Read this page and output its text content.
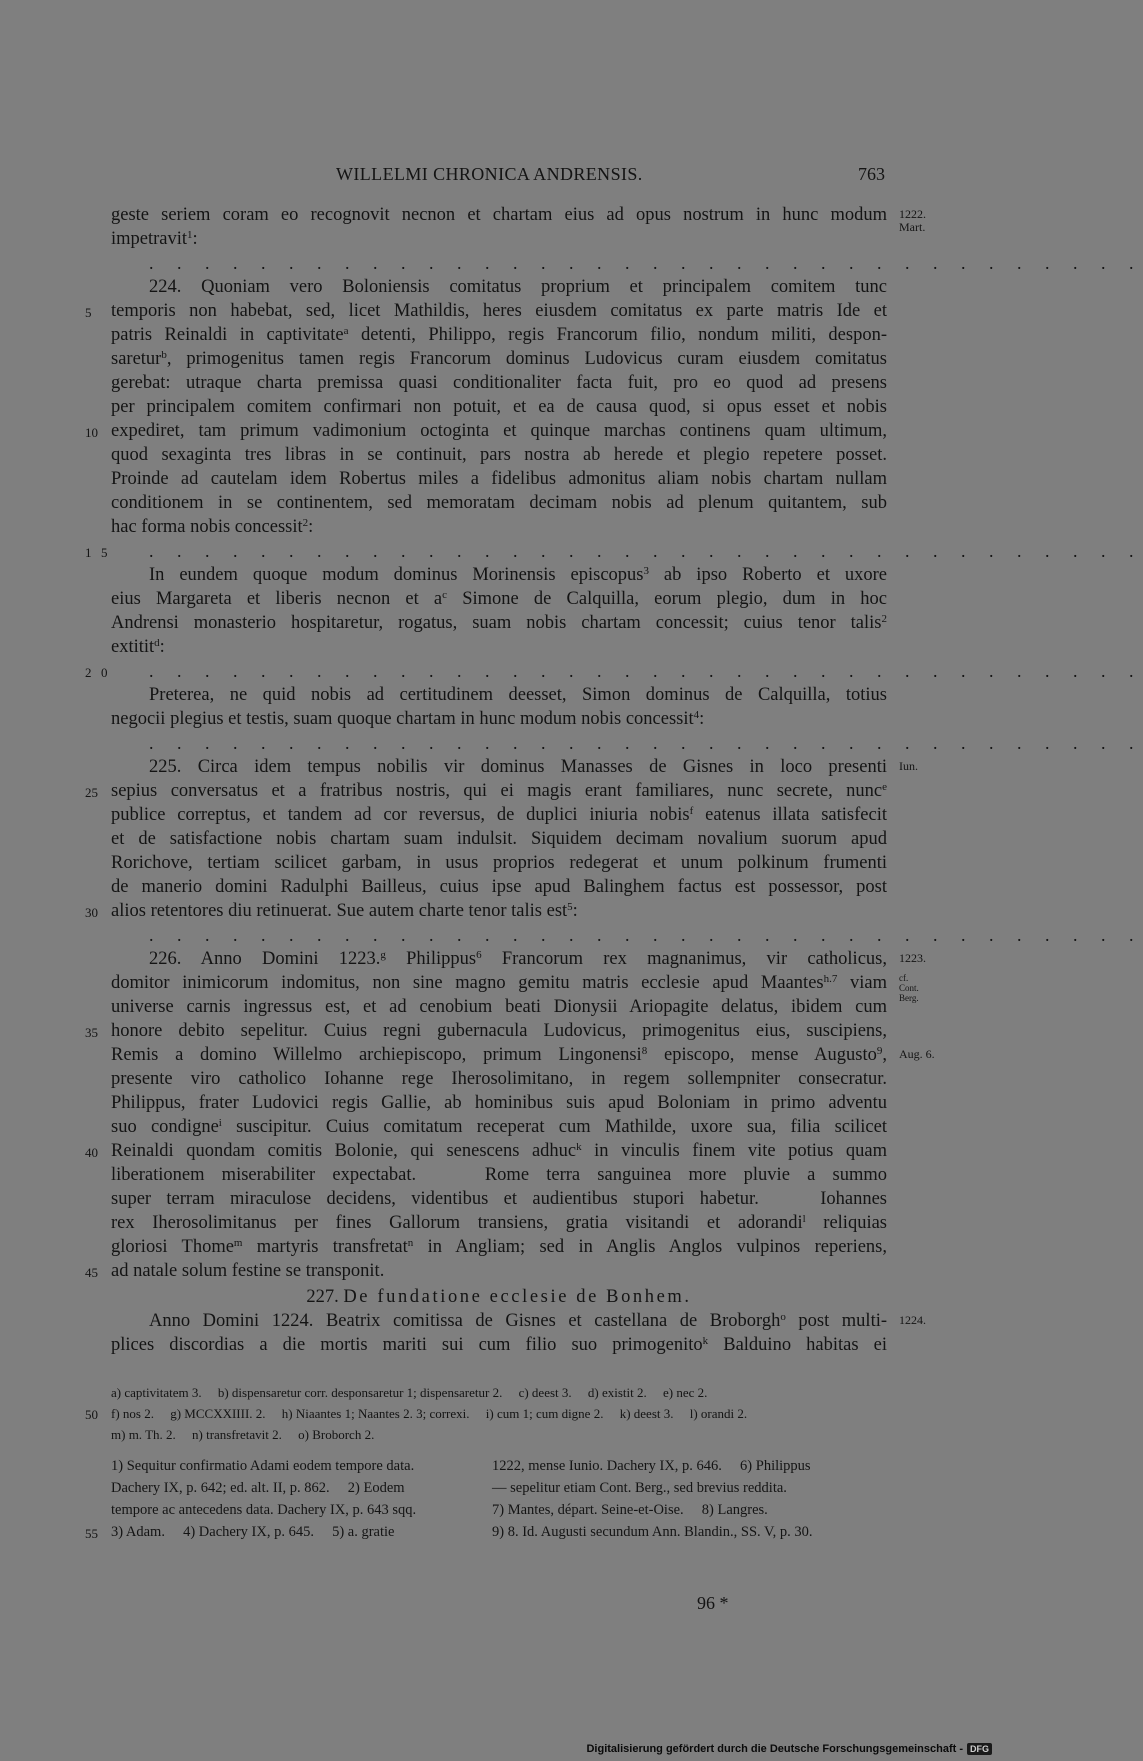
WILLELMI CHRONICA ANDRENSIS.	763
geste seriem coram eo recognovit necnon et chartam eius ad opus nostrum in hunc modum 1222.
impetravit$^1$:
Mart.
. . . . . . . . . . . . . . . . . . . . . . . . . . . . . . . . . . . .
224. Quoniam vero Boloniensis comitatus proprium et principalem comitem tunc
5 temporis non habebat, sed, licet Mathildis, heres eiusdem comitatus ex parte matris Ide et
patris Reinaldi in captivitate$^a$ detenti, Philippo, regis Francorum filio, nondum militi, despon-
saretur$^b$, primogenitus tamen regis Francorum dominus Ludovicus curam eiusdem comitatus
gerebat: utraque charta premissa quasi conditionaliter facta fuit, pro eo quod ad presens
per principalem comitem confirmari non potuit, et ea de causa quod, si opus esset et nobis
10 expediret, tam primum vadimonium octoginta et quinque marchas continens quam ultimum,
quod sexaginta tres libras in se continuit, pars nostra ab herede et plegio repetere posset.
Proinde ad cautelam idem Robertus miles a fidelibus admonitus aliam nobis chartam nullam
conditionem in se continentem, sed memoratam decimam nobis ad plenum quitantem, sub
hac forma nobis concessit$^2$:
15 . . . . . . . . . . . . . . . . . . . . . . . . . . . . . . . . . . . .
In eundem quoque modum dominus Morinensis episcopus$^3$ ab ipso Roberto et uxore
eius Margareta et liberis necnon et $a^c$ Simone de Calquilla, eorum plegio, dum in hoc
Andrensi monasterio hospitaretur, rogatus, suam nobis chartam concessit; cuius tenor talis$^2$
extitit$^d$:
20 . . . . . . . . . . . . . . . . . . . . . . . . . . . . . . . . . . . .
Preterea, ne quid nobis ad certitudinem deesset, Simon dominus de Calquilla, totius
negocii plegius et testis, suam quoque chartam in hunc modum nobis concessit$^4$:
. . . . . . . . . . . . . . . . . . . . . . . . . . . . . . . . . . . .
225. Circa idem tempus nobilis vir dominus Manasses de Gisnes in loco presenti Iun.
25 sepius conversatus et a fratribus nostris, qui ei magis erant familiares, nunc secrete, nunc$^e$
publice correptus, et tandem ad cor reversus, de duplici iniuria nobis$^f$ eatenus illata satisfecit
et de satisfactione nobis chartam suam indulsit. Siquidem decimam novalium suorum apud
Rorichove, tertiam scilicet garbam, in usus proprios redegerat et unum polkinum frumenti
de manerio domini Radulphi Bailleus, cuius ipse apud Balinghem factus est possessor, post
30 alios retentores diu retinuerat. Sue autem charte tenor talis est$^5$:
. . . . . . . . . . . . . . . . . . . . . . . . . . . . . . . . . . . .
226. Anno Domini 1223.$^g$ Philippus$^6$ Francorum rex magnanimus, vir catholicus, 1223.
domitor inimicorum indomitus, non sine magno gemitu matris ecclesie apud Maantes$^{h.7}$ viam cf. Cont. Berg.
universe carnis ingressus est, et ad cenobium beati Dionysii Ariopagite delatus, ibidem cum
35 honore debito sepelitur. Cuius regni gubernacula Ludovicus, primogenitus eius, suscipiens,
Remis a domino Willelmo archiepiscopo, primum Lingonensi$^8$ episcopo, mense Augusto$^9$, Aug. 6.
presente viro catholico Iohanne rege Iherosolimitano, in regem sollempniter consecratur.
Philippus, frater Ludovici regis Gallie, ab hominibus suis apud Boloniam in primo adventu
suo condigne$^i$ suscipitur. Cuius comitatum receperat cum Mathilde, uxore sua, filia scilicet
40 Reinaldi quondam comitis Bolonie, qui senescens adhuc$^k$ in vinculis finem vite potius quam
liberationem miserabiliter expectabat.    Rome terra sanguinea more pluvie a summo
super terram miraculose decidens, videntibus et audientibus stupori habetur.    Iohannes
rex Iherosolimitanus per fines Gallorum transiens, gratia visitandi et adorandi$^l$ reliquias
gloriosi Thome$^m$ martyris transfretat$^n$ in Angliam; sed in Anglis Anglos vulpinos reperiens,
45 ad natale solum festine se transponit.
227. De fundatione ecclesie de Bonhem.
Anno Domini 1224. Beatrix comitissa de Gisnes et castellana de Broborgh$^o$ post multi- 1224.
plices discordias a die mortis mariti sui cum filio suo primogenito$^k$ Balduino habitas ei
a) captivitatem 3.     b) dispensaretur corr. desponsaretur 1; dispensaretur 2.     c) deest 3.     d) existit 2.     e) nec 2.
50 f) nos 2.     g) MCCXXIIII. 2.     h) Niaantes 1; Naantes 2. 3; correxi.     i) cum 1; cum digne 2.     k) deest 3.     l) orandi 2.
m) m. Th. 2.     n) transfretavit 2.     o) Broborch 2.
1) Sequitur confirmatio Adami eodem tempore data.	1222, mense Iunio. Dachery IX, p. 646.     6) Philippus
Dachery IX, p. 642; ed. alt. II, p. 862.     2) Eodem	— sepelitur etiam Cont. Berg., sed brevius reddita.
tempore ac antecedens data. Dachery IX, p. 643 sqq.	7) Mantes, départ. Seine-et-Oise.     8) Langres.
55 3) Adam.     4) Dachery IX, p. 645.     5) a. gratie	9) 8. Id. Augusti secundum Ann. Blandin., SS. V, p. 30.
96 *
Digitalisierung gefördert durch die Deutsche Forschungsgemeinschaft - DFG
